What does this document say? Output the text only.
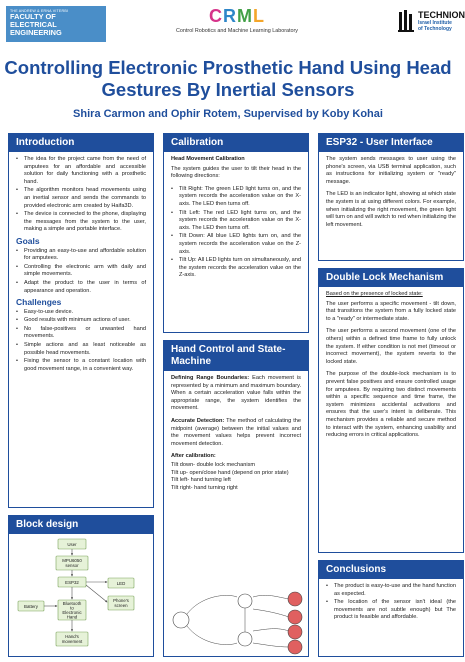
THE ANDREW & ERNA VITERBI
FACULTY OF
ELECTRICAL
ENGINEERING
CRML
Control Robotics and Machine Learning Laboratory
TECHNION
Israel Institute
of Technology
Controlling Electronic Prosthetic Hand Using Head Gestures By Inertial Sensors
Shira Carmon and Ophir Rotem, Supervised by Koby Kohai
Introduction
• The idea for the project came from the need of amputees for an affordable and accessible solution for daily functioning with a prosthetic hand.
• The algorithm monitors head movements using an inertial sensor and sends the commands to provided electronic arm created by Haifa3D.
• The device is connected to the phone, displaying the messages from the system to the user, making a simple and portable interface.
Goals
• Providing an easy-to-use and affordable solution for amputees.
• Controlling the electronic arm with daily and simple movements.
• Adapt the product to the user in terms of appearance and operation.
Challenges
• Easy-to-use device.
• Good results with minimum actions of user.
• No false-positives or unwanted hand movements.
• Simple actions and as least noticeable as possible head movements.
• Fixing the sensor to a constant location with good movement range, in a convenient way.
Block design
User
MPU6050
sensor
ESP32
Battery
LED
Phone's
screen
Bluetooth
to
Electronic
Hand
Hand's
movement
Calibration
Head Movement Calibration

The system guides the user to tilt their head in the following directions:

• Tilt Right: The green LED light turns on, and the system records the acceleration value on the X-axis. The LED then turns off.
• Tilt Left: The red LED light turns on, and the system records the acceleration value on the X-axis. The LED then turns off.
• Tilt Down: All blue LED lights turn on, and the system records the acceleration value on the Z-axis.
• Tilt Up: All LED lights turn on simultaneously, and the system records the acceleration value on the Z-axis.
Hand Control and State-Machine

Defining Range Boundaries: Each movement is represented by a minimum and maximum boundary. When a certain acceleration value falls within the appropriate range, the system identifies the movement.

Accurate Detection: The method of calculating the midpoint (average) between the initial values and the movement values helps prevent incorrect movement detection.

After calibration:
Tilt down- double lock mechanism
Tilt up- open/close hand (depend on prior state)
Tilt left- hand turning left
Tilt right- hand turning right
ESP32 - User Interface

The system sends messages to user using the phone's screen, via USB terminal application, such as instructions for initializing system or "ready" message.

The LED is an indicator light, showing at which state the system is at using different colors. For example, when initializing the right movement, the green light will turn on and will switch to red when initializing the left movement.

Double Lock Mechanism
Based on the presence of locked state:

The user performs a specific movement - tilt down, that transitions the system from a fully locked state to a "ready" or intermediate state.

The user performs a second movement (one of the others) within a defined time frame to fully unlock the system. If either condition is not met (timeout or incorrect movement), the system reverts to the locked state.

The purpose of the double-lock mechanism is to prevent false positives and ensure controlled usage for amputees. By requiring two distinct movements within a specific sequence and time frame, the system minimizes accidental activations and ensures that the user's intent is deliberate. This mechanism provides a reliable and secure method to interact with the system, enhancing usability and reducing errors in critical applications.

Conclusions
• The product is easy-to-use and the hand function as expected.
• The location of the sensor isn't ideal (the movements are not subtle enough) but The product is feasible and affordable.
